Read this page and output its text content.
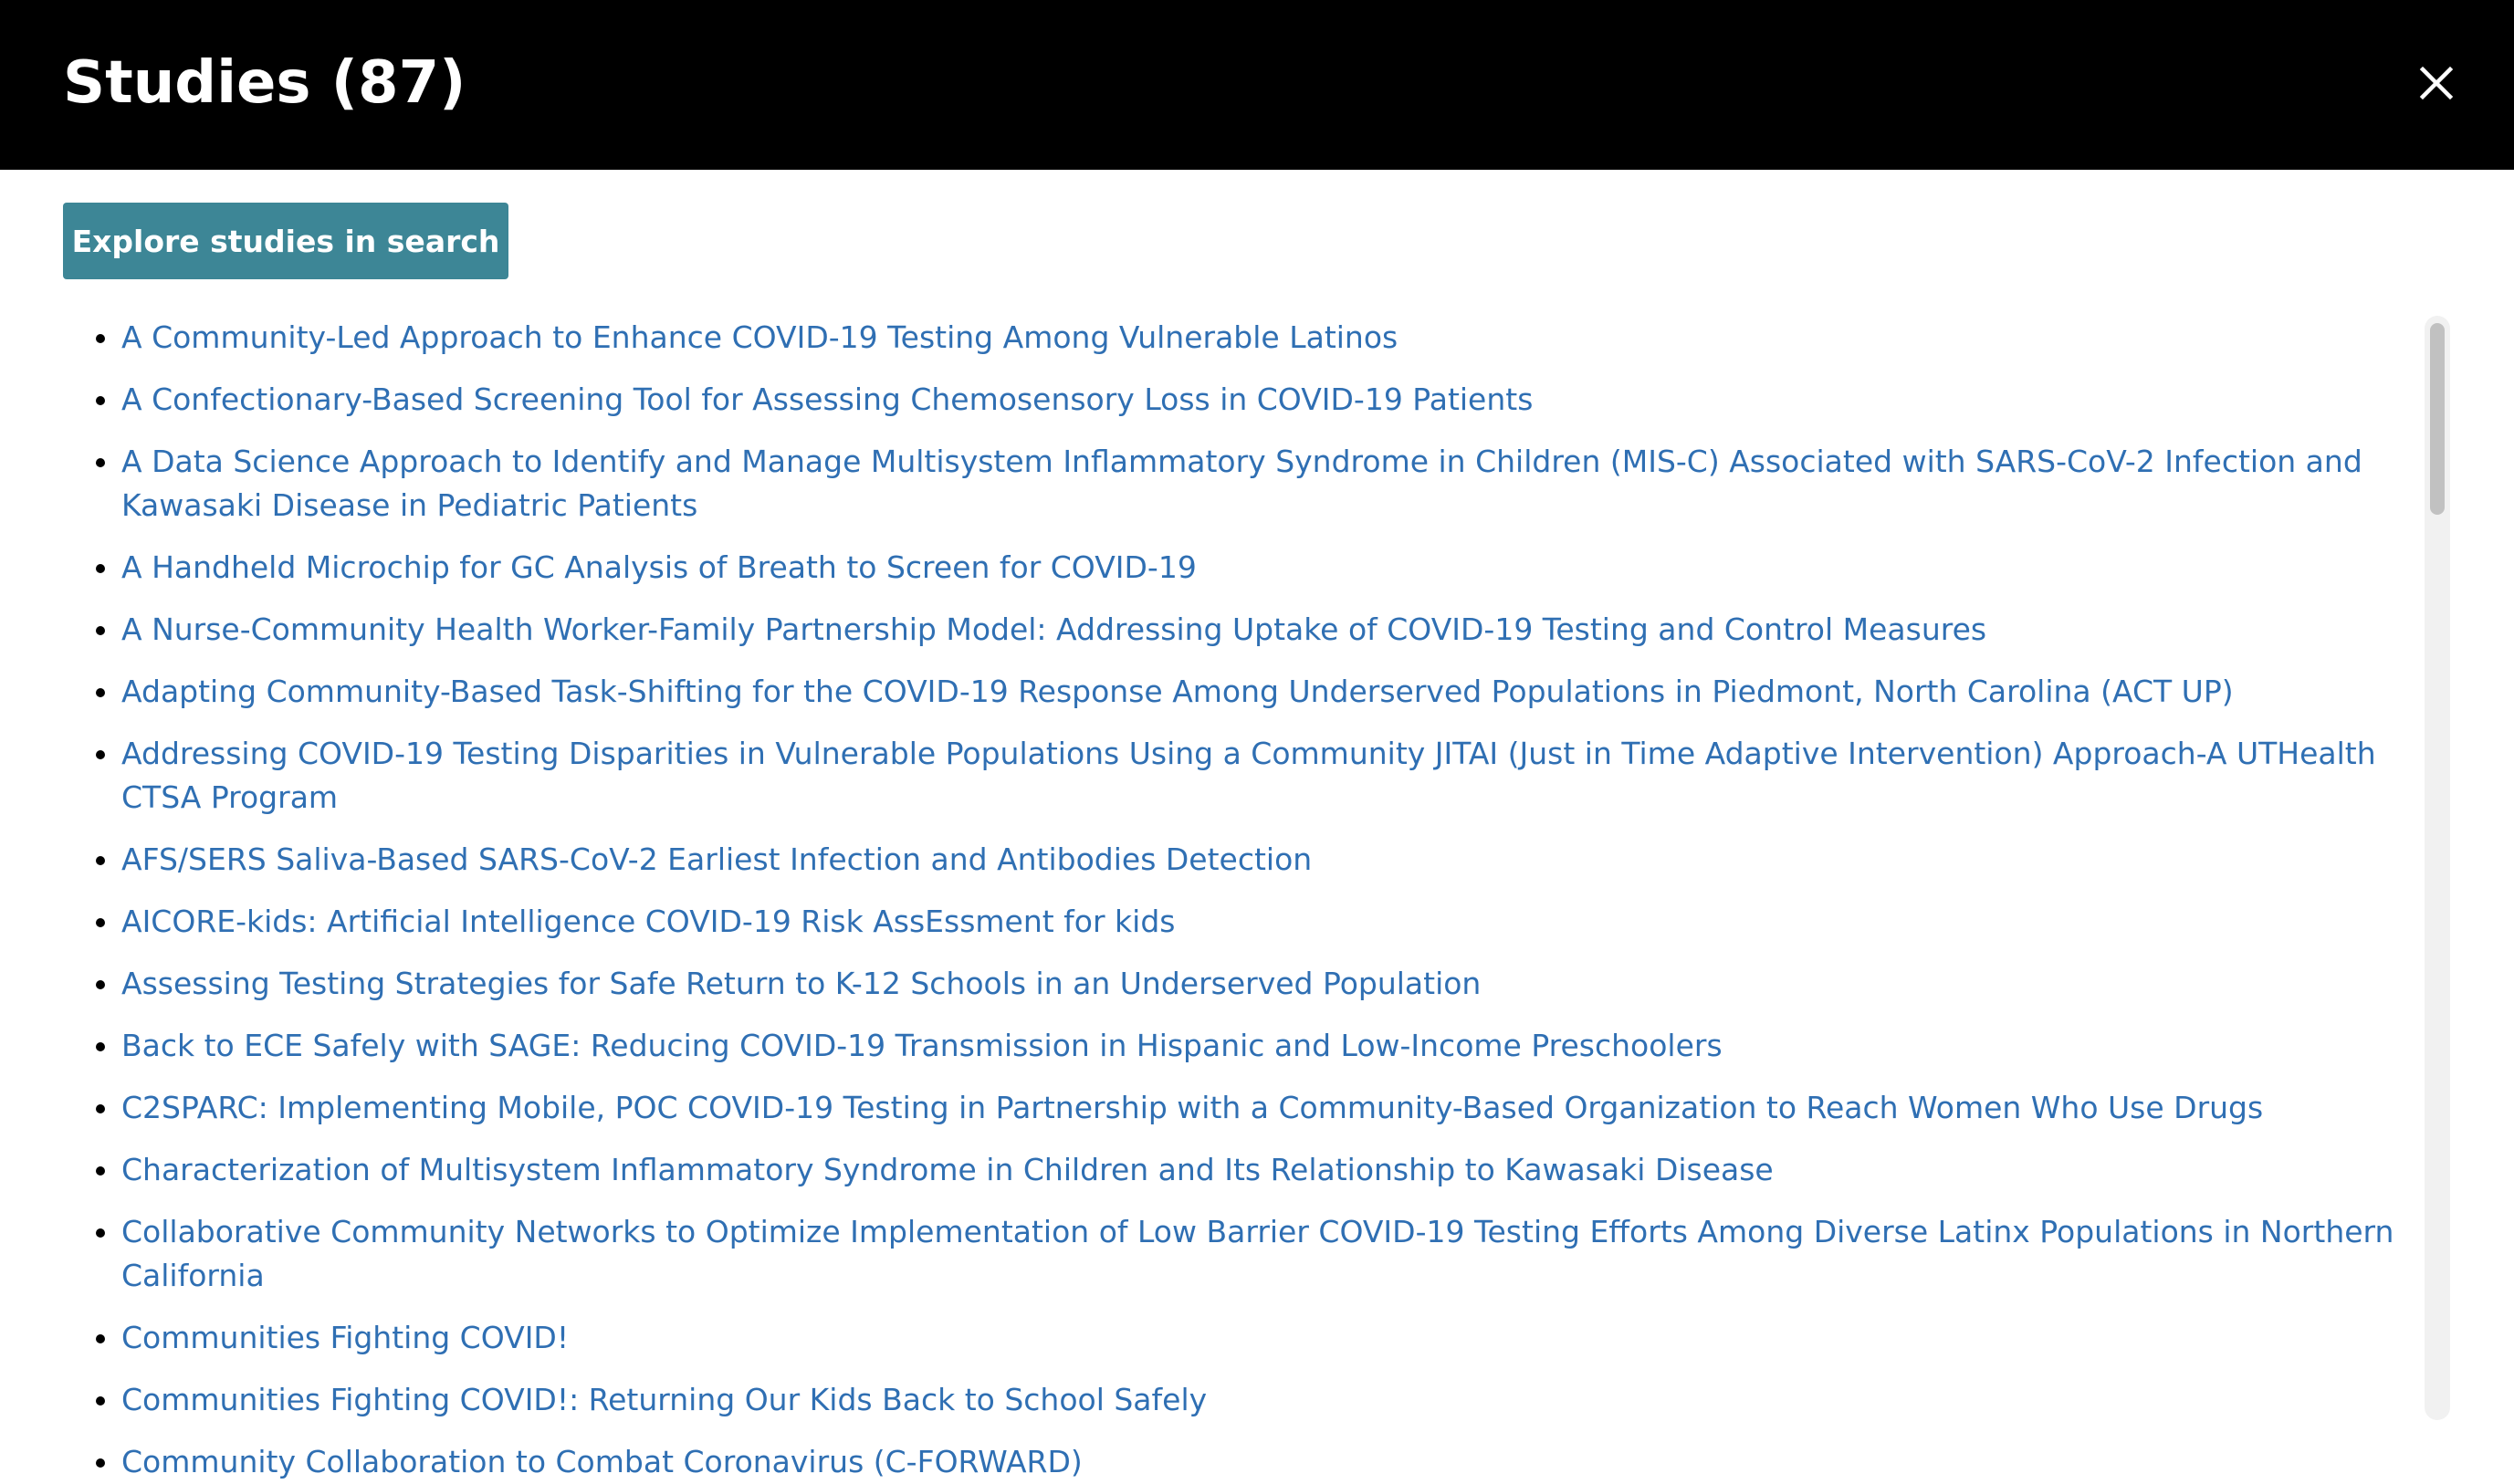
Studies (87)
Explore studies in search
A Community-Led Approach to Enhance COVID-19 Testing Among Vulnerable Latinos
A Confectionary-Based Screening Tool for Assessing Chemosensory Loss in COVID-19 Patients
A Data Science Approach to Identify and Manage Multisystem Inflammatory Syndrome in Children (MIS-C) Associated with SARS-CoV-2 Infection and Kawasaki Disease in Pediatric Patients
A Handheld Microchip for GC Analysis of Breath to Screen for COVID-19
A Nurse-Community Health Worker-Family Partnership Model: Addressing Uptake of COVID-19 Testing and Control Measures
Adapting Community-Based Task-Shifting for the COVID-19 Response Among Underserved Populations in Piedmont, North Carolina (ACT UP)
Addressing COVID-19 Testing Disparities in Vulnerable Populations Using a Community JITAI (Just in Time Adaptive Intervention) Approach-A UTHealth CTSA Program
AFS/SERS Saliva-Based SARS-CoV-2 Earliest Infection and Antibodies Detection
AICORE-kids: Artificial Intelligence COVID-19 Risk AssEssment for kids
Assessing Testing Strategies for Safe Return to K-12 Schools in an Underserved Population
Back to ECE Safely with SAGE: Reducing COVID-19 Transmission in Hispanic and Low-Income Preschoolers
C2SPARC: Implementing Mobile, POC COVID-19 Testing in Partnership with a Community-Based Organization to Reach Women Who Use Drugs
Characterization of Multisystem Inflammatory Syndrome in Children and Its Relationship to Kawasaki Disease
Collaborative Community Networks to Optimize Implementation of Low Barrier COVID-19 Testing Efforts Among Diverse Latinx Populations in Northern California
Communities Fighting COVID!
Communities Fighting COVID!: Returning Our Kids Back to School Safely
Community Collaboration to Combat Coronavirus (C-FORWARD)
